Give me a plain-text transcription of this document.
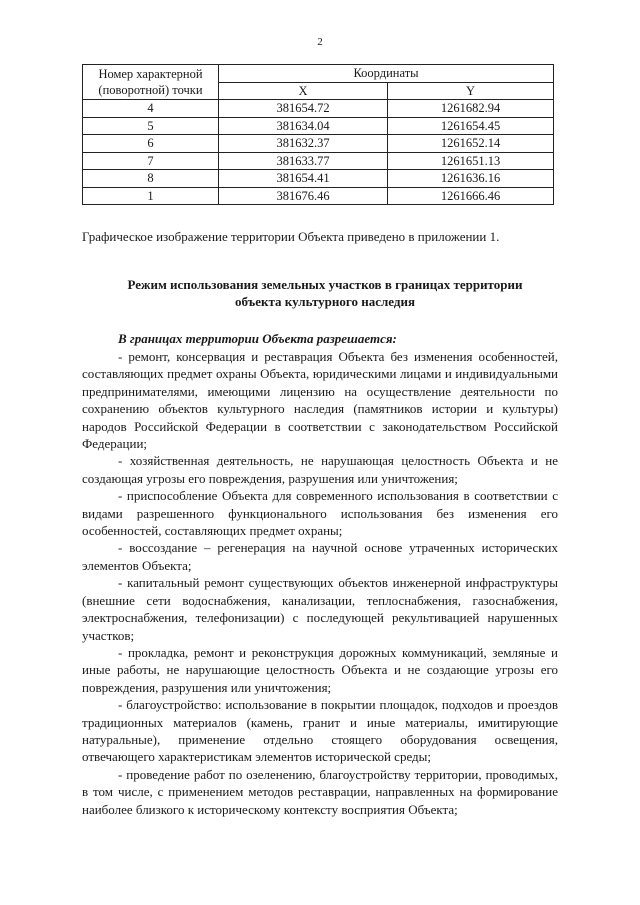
2
Номер характерной (поворотной) точки	Координаты	
	X	Y
4	381654.72	1261682.94
5	381634.04	1261654.45
6	381632.37	1261652.14
7	381633.77	1261651.13
8	381654.41	1261636.16
1	381676.46	1261666.46
Графическое изображение территории Объекта приведено в приложении 1.
Режим использования земельных участков в границах территории
объекта культурного наследия
В границах территории Объекта разрешается:

- ремонт, консервация и реставрация Объекта без изменения особенностей, составляющих предмет охраны Объекта, юридическими лицами и индивидуальными предпринимателями, имеющими лицензию на осуществление деятельности по сохранению объектов культурного наследия (памятников истории и культуры) народов Российской Федерации в соответствии с законодательством Российской Федерации;

- хозяйственная деятельность, не нарушающая целостность Объекта и не создающая угрозы его повреждения, разрушения или уничтожения;

- приспособление Объекта для современного использования в соответствии с видами разрешенного функционального использования без изменения его особенностей, составляющих предмет охраны;

- воссоздание – регенерация на научной основе утраченных исторических элементов Объекта;

- капитальный ремонт существующих объектов инженерной инфраструктуры (внешние сети водоснабжения, канализации, теплоснабжения, газоснабжения, электроснабжения, телефонизации) с последующей рекультивацией нарушенных участков;

- прокладка, ремонт и реконструкция дорожных коммуникаций, земляные и иные работы, не нарушающие целостность Объекта и не создающие угрозы его повреждения, разрушения или уничтожения;

- благоустройство: использование в покрытии площадок, подходов и проездов традиционных материалов (камень, гранит и иные материалы, имитирующие натуральные), применение отдельно стоящего оборудования освещения, отвечающего характеристикам элементов исторической среды;

- проведение работ по озеленению, благоустройству территории, проводимых, в том числе, с применением методов реставрации, направленных на формирование наиболее близкого к историческому контексту восприятия Объекта;
